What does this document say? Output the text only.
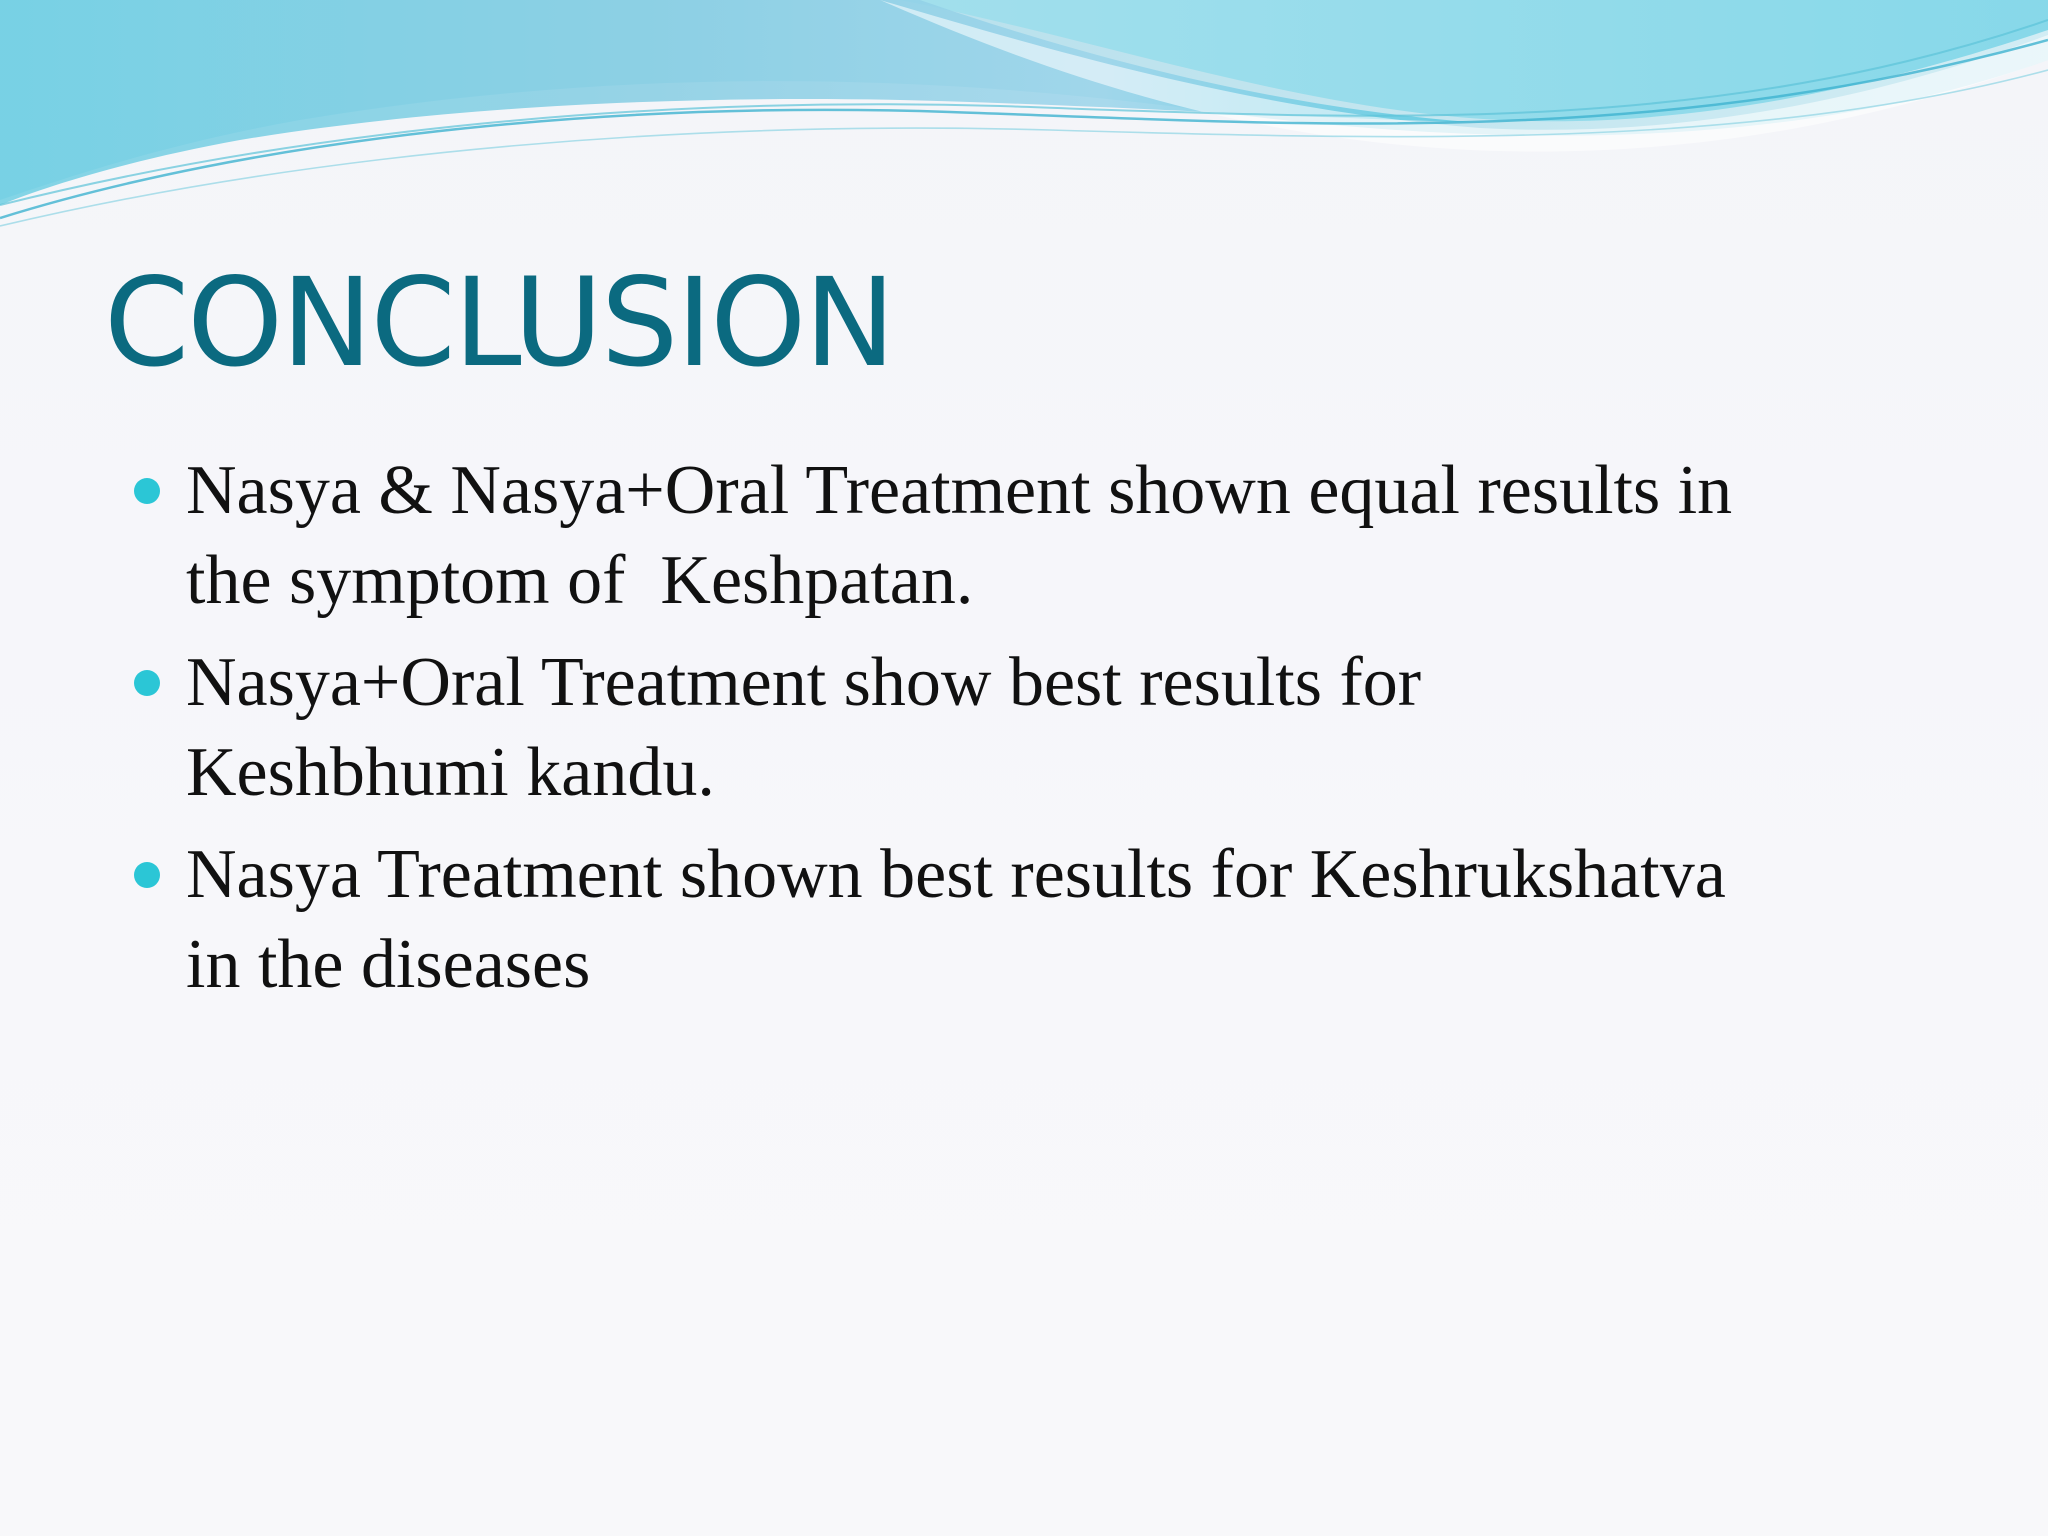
CONCLUSION
Nasya & Nasya+Oral Treatment shown equal results in
the symptom of  Keshpatan.
Nasya+Oral Treatment show best results for
Keshbhumi kandu.
Nasya Treatment shown best results for Keshrukshatva
in the diseases
